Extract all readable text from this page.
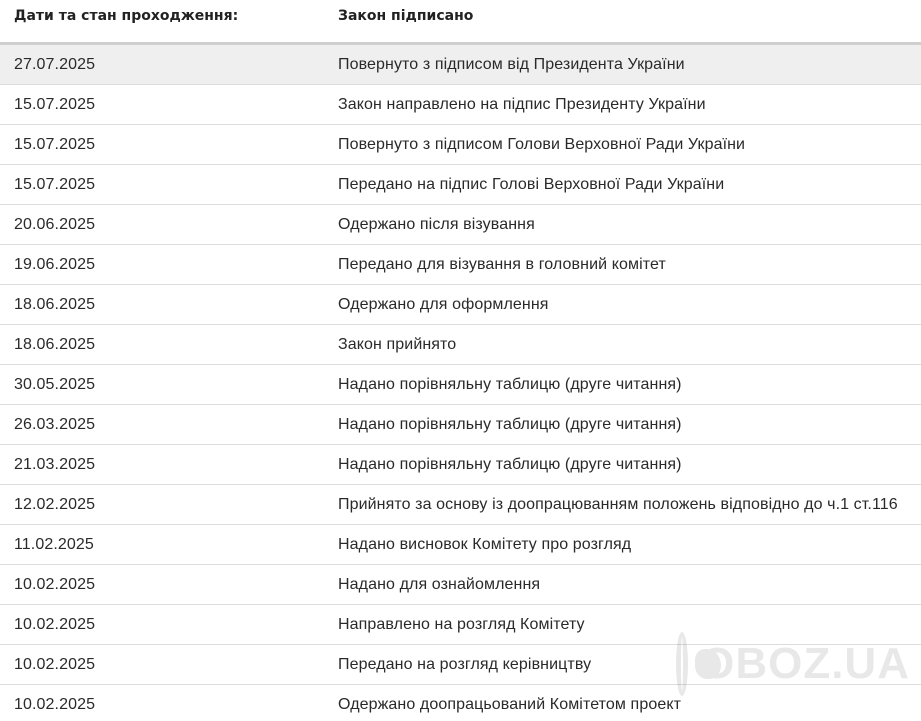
Дати та стан проходження:	Закон підписано
27.07.2025	Повернуто з підписом від Президента України
15.07.2025	Закон направлено на підпис Президенту України
15.07.2025	Повернуто з підписом Голови Верховної Ради України
15.07.2025	Передано на підпис Голові Верховної Ради України
20.06.2025	Одержано після візування
19.06.2025	Передано для візування в головний комітет
18.06.2025	Одержано для оформлення
18.06.2025	Закон прийнято
30.05.2025	Надано порівняльну таблицю (друге читання)
26.03.2025	Надано порівняльну таблицю (друге читання)
21.03.2025	Надано порівняльну таблицю (друге читання)
12.02.2025	Прийнято за основу із доопрацюванням положень відповідно до ч.1 ст.116
11.02.2025	Надано висновок Комітету про розгляд
10.02.2025	Надано для ознайомлення
10.02.2025	Направлено на розгляд Комітету
10.02.2025	Передано на розгляд керівництву
10.02.2025	Одержано доопрацьований Комітетом проект
OBOZ.UA
